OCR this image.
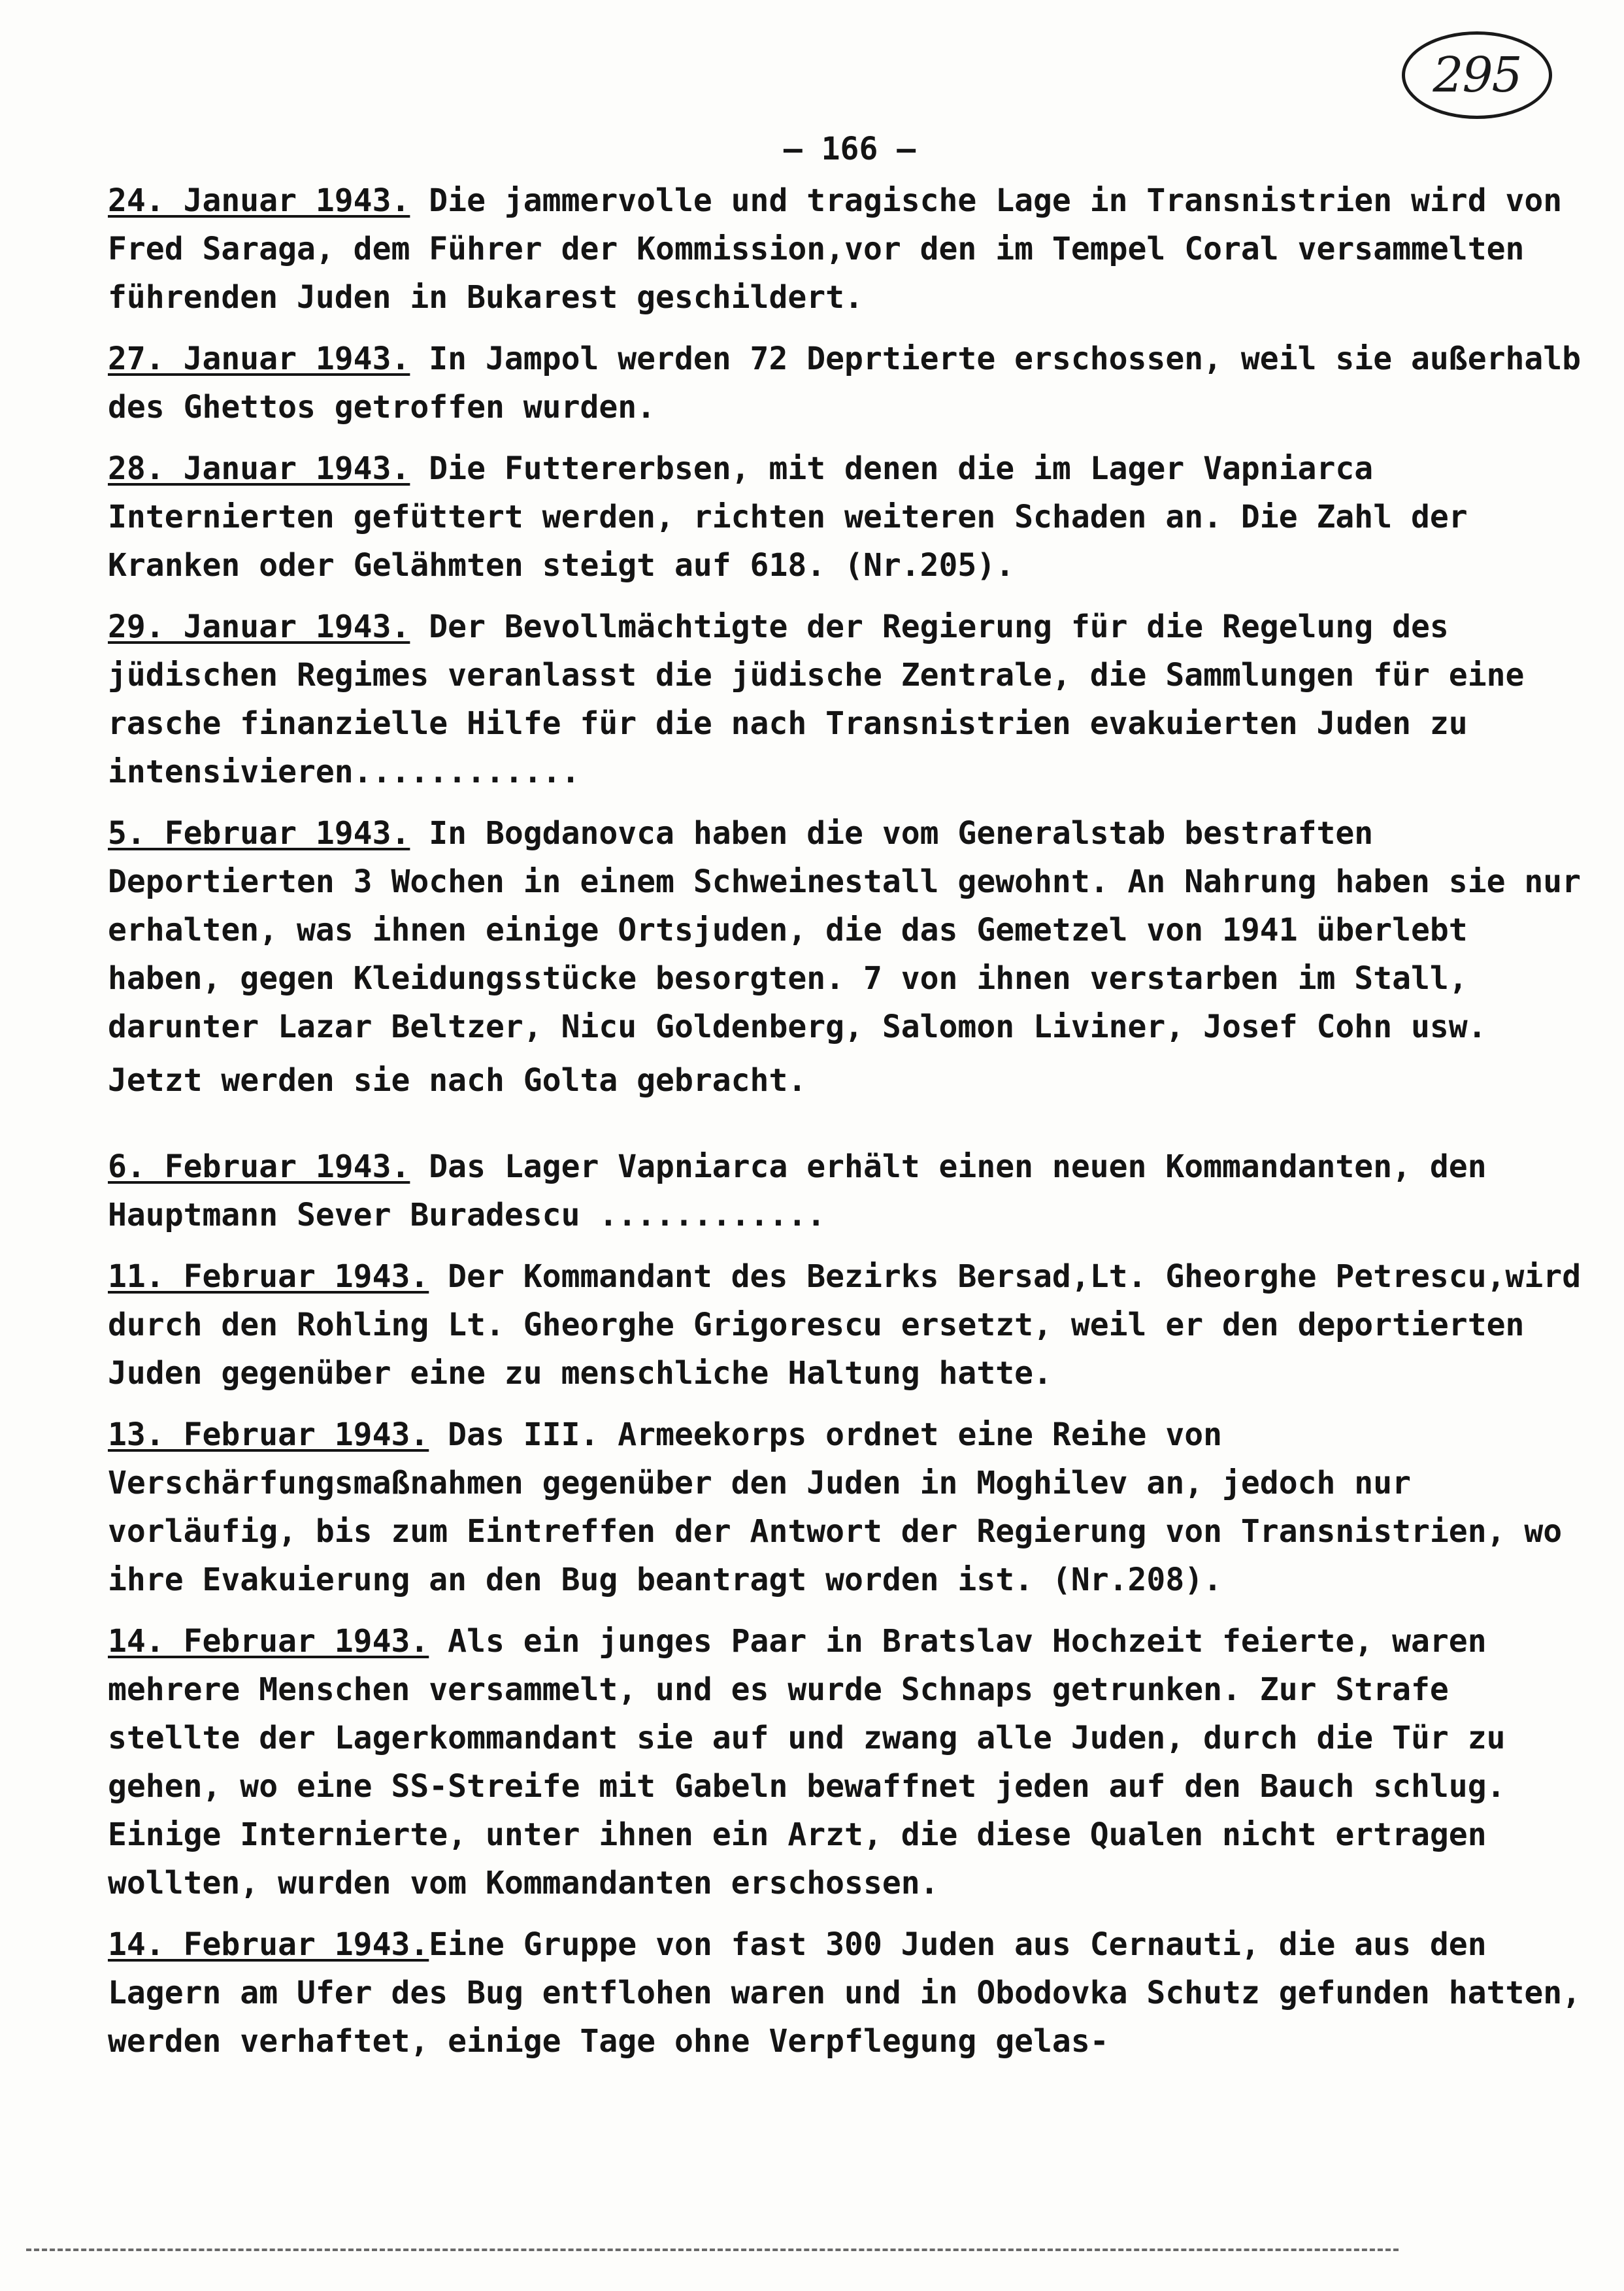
295
– 166 –

24. Januar 1943. Die jammervolle und tragische Lage in Transnistrien wird von Fred Saraga, dem Führer der Kommission,vor den im Tempel Coral versammelten führenden Juden in Bukarest geschildert.

27. Januar 1943. In Jampol werden 72 Deprtierte erschossen, weil sie außerhalb des Ghettos getroffen wurden.

28. Januar 1943. Die Futtererbsen, mit denen die im Lager Vapniarca Internierten gefüttert werden, richten weiteren Schaden an. Die Zahl der Kranken oder Gelähmten steigt auf 618. (Nr.205).

29. Januar 1943. Der Bevollmächtigte der Regierung für die Regelung des jüdischen Regimes veranlasst die jüdische Zentrale, die Sammlungen für eine rasche finanzielle Hilfe für die nach Transnistrien evakuierten Juden zu intensivieren............

5. Februar 1943. In Bogdanovca haben die vom Generalstab bestraften Deportierten 3 Wochen in einem Schweinestall gewohnt. An Nahrung haben sie nur erhalten, was ihnen einige Ortsjuden, die das Gemetzel von 1941 überlebt haben, gegen Kleidungsstücke besorgten. 7 von ihnen verstarben im Stall, darunter Lazar Beltzer, Nicu Goldenberg, Salomon Liviner, Josef Cohn usw.

Jetzt werden sie nach Golta gebracht.

6. Februar 1943. Das Lager Vapniarca erhält einen neuen Kommandanten, den Hauptmann Sever Buradescu ............

11. Februar 1943. Der Kommandant des Bezirks Bersad,Lt. Gheorghe Petrescu,wird durch den Rohling Lt. Gheorghe Grigorescu ersetzt, weil er den deportierten Juden gegenüber eine zu menschliche Haltung hatte.

13. Februar 1943. Das III. Armeekorps ordnet eine Reihe von Verschärfungsmaßnahmen gegenüber den Juden in Moghilev an, jedoch nur vorläufig, bis zum Eintreffen der Antwort der Regierung von Transnistrien, wo ihre Evakuierung an den Bug beantragt worden ist. (Nr.208).

14. Februar 1943. Als ein junges Paar in Bratslav Hochzeit feierte, waren mehrere Menschen versammelt, und es wurde Schnaps getrunken. Zur Strafe stellte der Lagerkommandant sie auf und zwang alle Juden, durch die Tür zu gehen, wo eine SS-Streife mit Gabeln bewaffnet jeden auf den Bauch schlug. Einige Internierte, unter ihnen ein Arzt, die diese Qualen nicht ertragen wollten, wurden vom Kommandanten erschossen.

14. Februar 1943.Eine Gruppe von fast 300 Juden aus Cernauti, die aus den Lagern am Ufer des Bug entflohen waren und in Obodovka Schutz gefunden hatten, werden verhaftet, einige Tage ohne Verpflegung gelas-
